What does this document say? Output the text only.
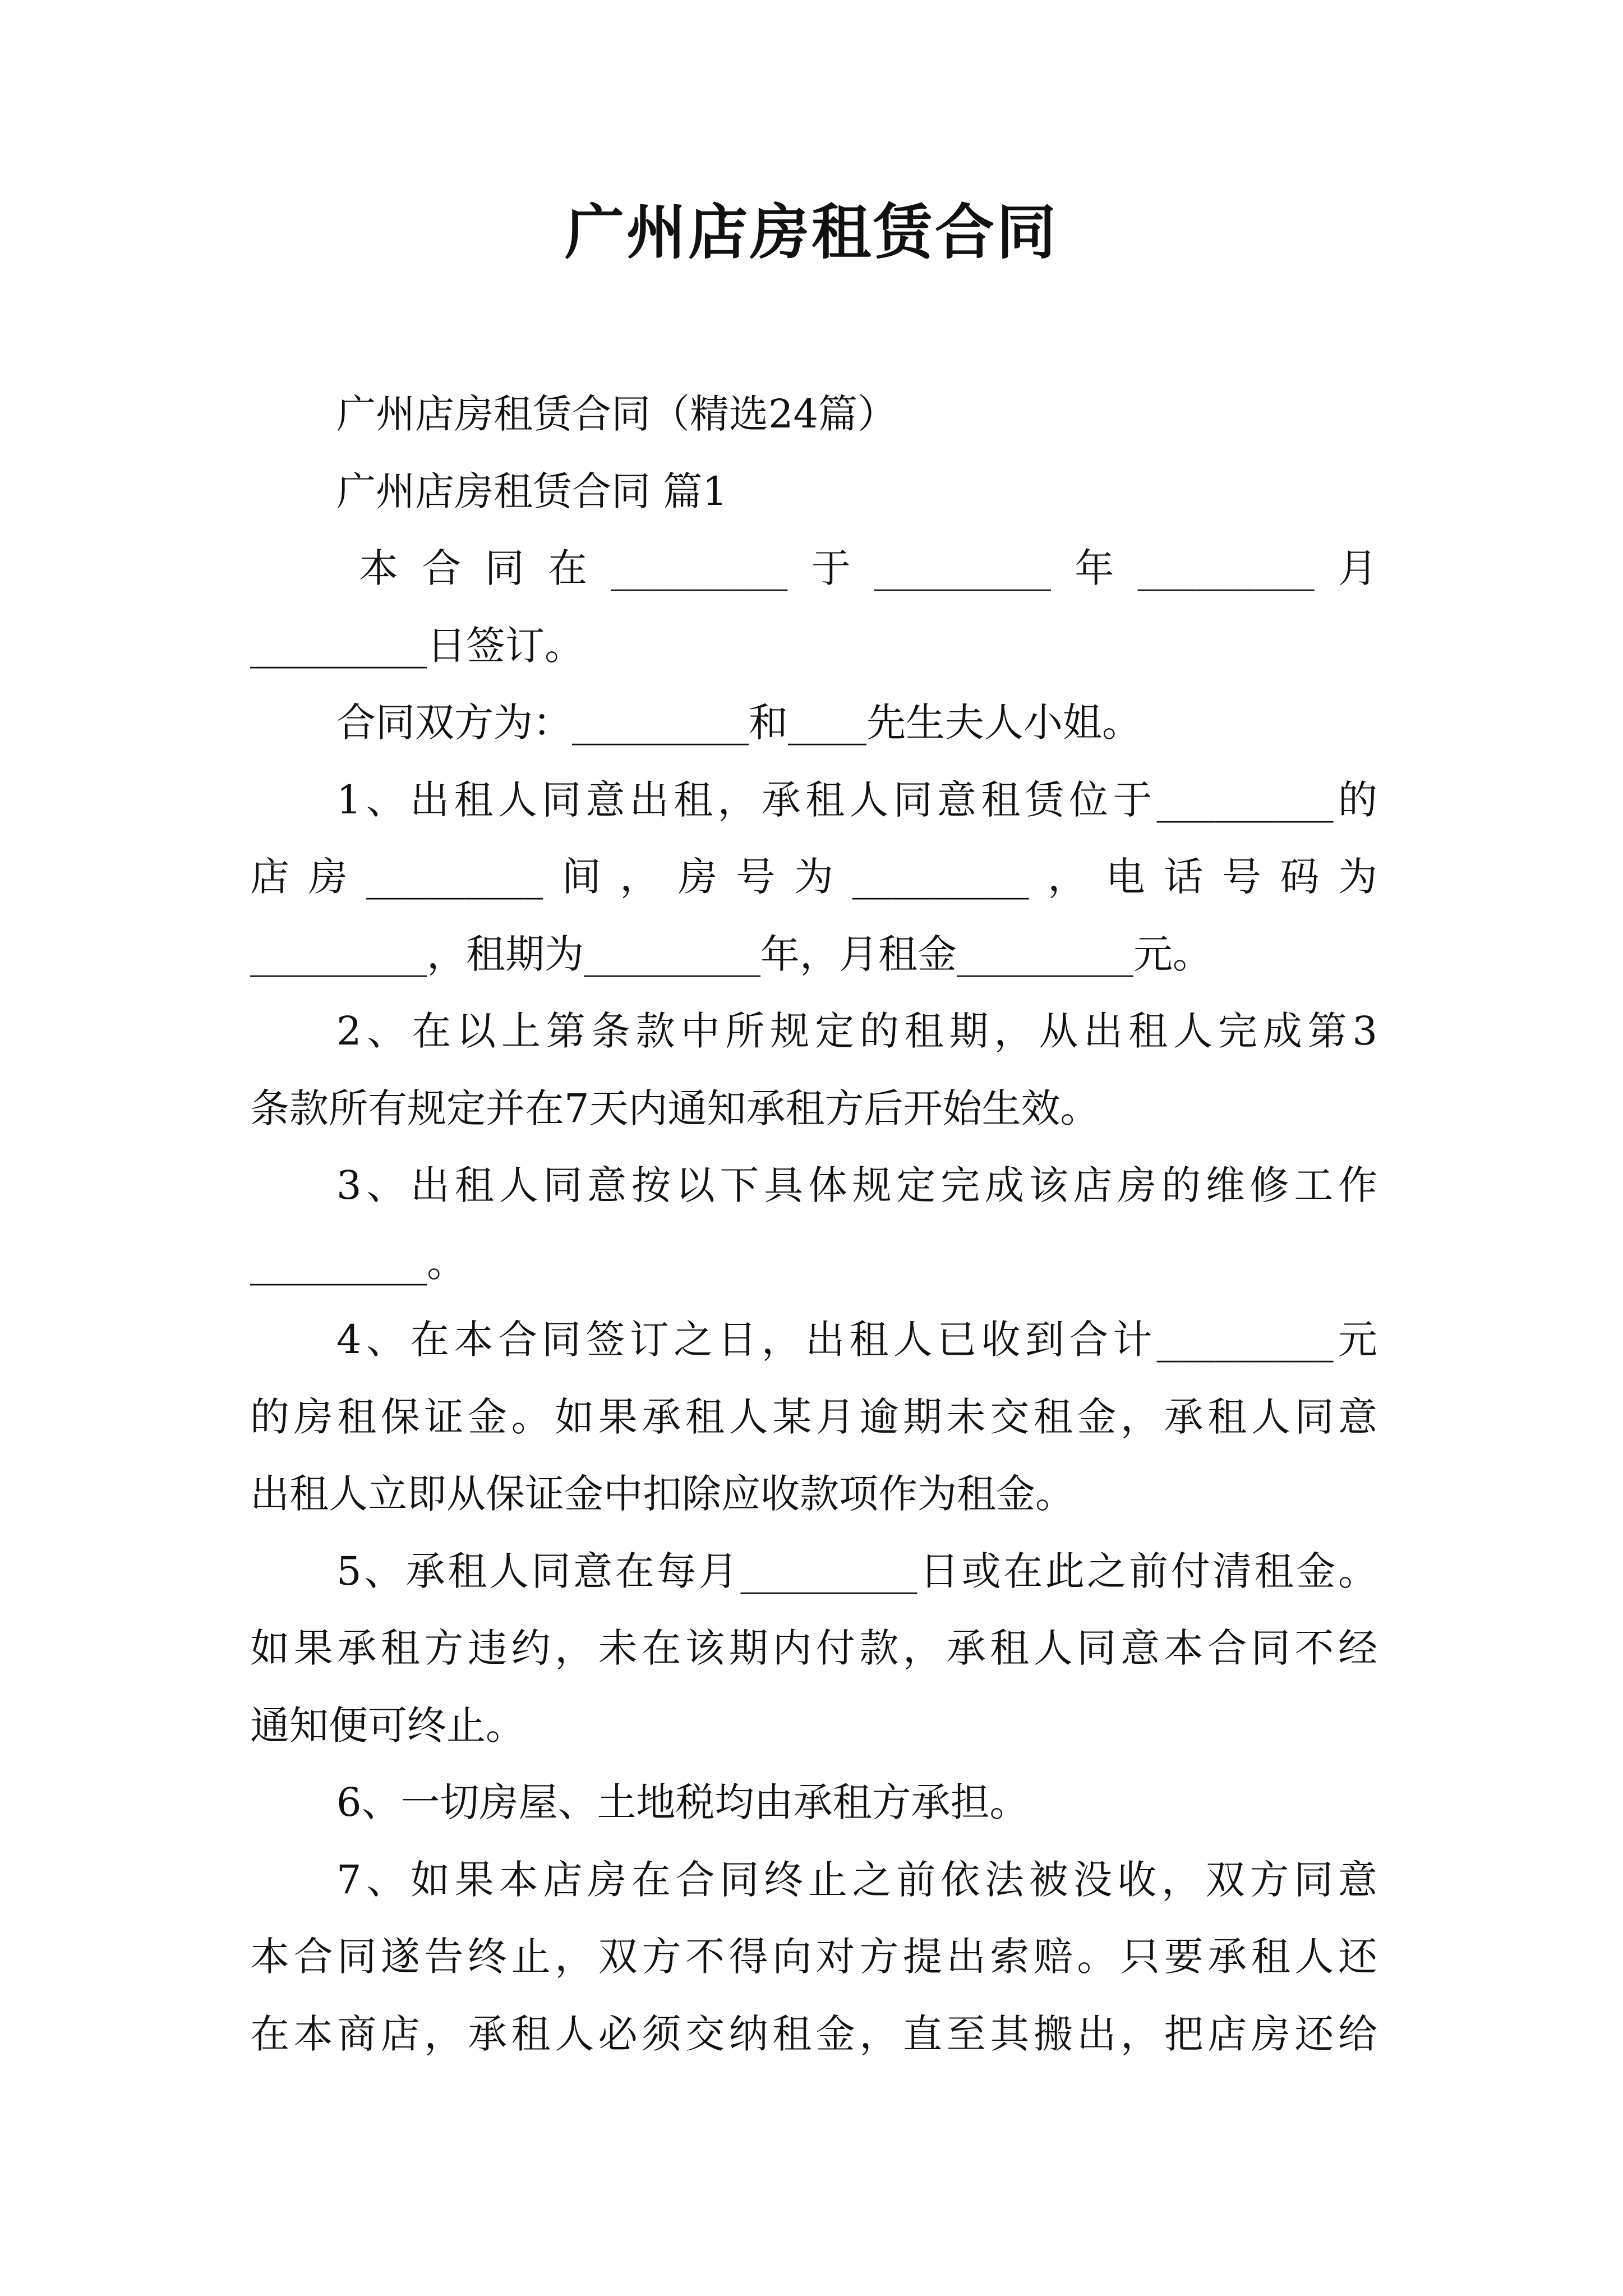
广州店房租赁合同

广州店房租赁合同（精选24篇）

广州店房租赁合同 篇1

本合同在_________于_________年_________月

_________日签订。

合同双方为：_________和____先生夫人小姐。

1、出租人同意出租，承租人同意租赁位于_________的

店房_________间，房号为_________，电话号码为

_________，租期为_________年，月租金_________元。

2、在以上第条款中所规定的租期，从出租人完成第3

条款所有规定并在7天内通知承租方后开始生效。

3、出租人同意按以下具体规定完成该店房的维修工作

_________。

4、在本合同签订之日，出租人已收到合计_________元

的房租保证金。如果承租人某月逾期未交租金，承租人同意

出租人立即从保证金中扣除应收款项作为租金。

5、承租人同意在每月_________日或在此之前付清租金。

如果承租方违约，未在该期内付款，承租人同意本合同不经

通知便可终止。

6、一切房屋、土地税均由承租方承担。

7、如果本店房在合同终止之前依法被没收，双方同意

本合同遂告终止，双方不得向对方提出索赔。只要承租人还

在本商店，承租人必须交纳租金，直至其搬出，把店房还给
